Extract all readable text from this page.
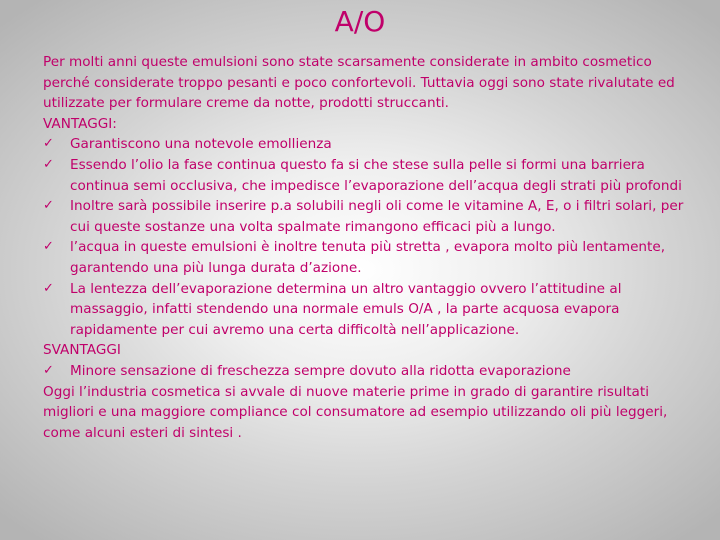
A/O

Per molti anni queste emulsioni sono state scarsamente considerate in ambito cosmetico perché considerate troppo pesanti e poco confortevoli. Tuttavia oggi sono state rivalutate ed utilizzate per formulare creme da notte, prodotti struccanti.

VANTAGGI:

✓ Garantiscono una notevole emollienza
✓ Essendo l’olio la fase continua questo fa si che stese sulla pelle si formi una barriera continua semi occlusiva, che impedisce l’evaporazione dell’acqua degli strati più profondi
✓ Inoltre sarà possibile inserire p.a solubili negli oli come le vitamine A, E, o i filtri solari, per cui queste sostanze una volta spalmate rimangono efficaci più a lungo.
✓ l’acqua in queste emulsioni è inoltre tenuta più stretta , evapora molto più lentamente, garantendo una più lunga durata d’azione.
✓ La lentezza dell’evaporazione determina un altro vantaggio ovvero l’attitudine al massaggio, infatti stendendo una normale emuls O/A , la parte acquosa evapora rapidamente per cui avremo una certa difficoltà nell’applicazione.

SVANTAGGI

✓ Minore sensazione di freschezza sempre dovuto alla ridotta evaporazione

Oggi l’industria cosmetica si avvale di nuove materie prime in grado di garantire risultati migliori e una maggiore compliance col consumatore ad esempio utilizzando oli più leggeri, come alcuni esteri di sintesi .
